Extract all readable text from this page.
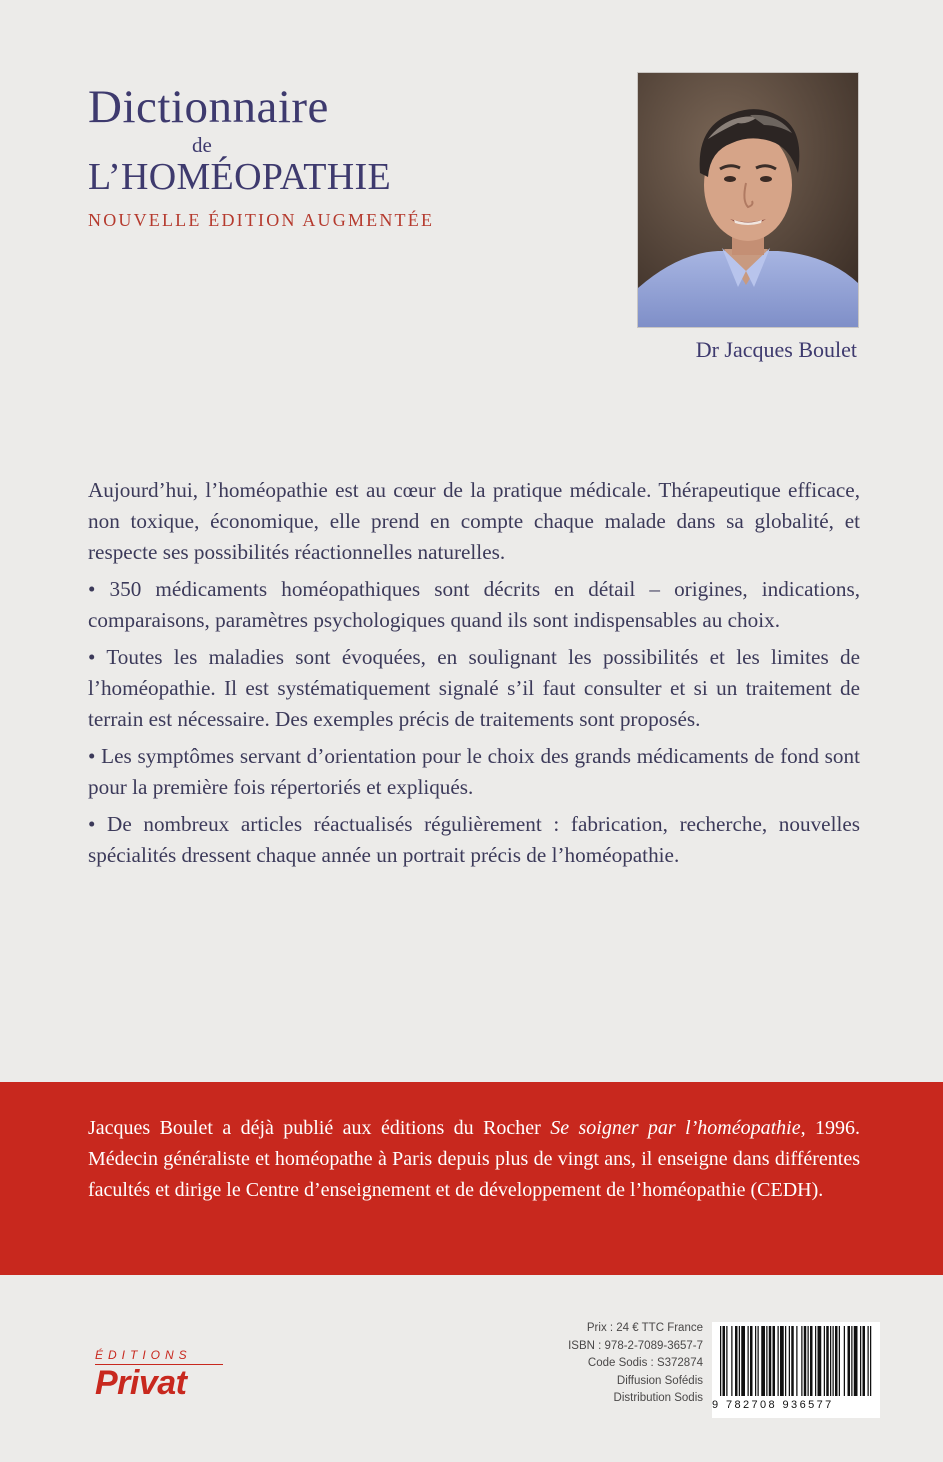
Dictionnaire
de
L’HOMÉOPATHIE
NOUVELLE ÉDITION AUGMENTÉE
Dr Jacques Boulet

Aujourd’hui, l’homéopathie est au cœur de la pratique médicale. Thérapeutique efficace, non toxique, économique, elle prend en compte chaque malade dans sa globalité, et respecte ses possibilités réactionnelles naturelles.

• 350 médicaments homéopathiques sont décrits en détail – origines, indications, comparaisons, paramètres psychologiques quand ils sont indispensables au choix.

• Toutes les maladies sont évoquées, en soulignant les possibilités et les limites de l’homéopathie. Il est systématiquement signalé s’il faut consulter et si un traitement de terrain est nécessaire. Des exemples précis de traitements sont proposés.

• Les symptômes servant d’orientation pour le choix des grands médicaments de fond sont pour la première fois répertoriés et expliqués.

• De nombreux articles réactualisés régulièrement : fabrication, recherche, nouvelles spécialités dressent chaque année un portrait précis de l’homéopathie.

Jacques Boulet a déjà publié aux éditions du Rocher Se soigner par l’homéopathie, 1996. Médecin généraliste et homéopathe à Paris depuis plus de vingt ans, il enseigne dans différentes facultés et dirige le Centre d’enseignement et de développement de l’homéopathie (CEDH).
ÉDITIONS
Privat
Prix : 24 € TTC France
ISBN : 978-2-7089-3657-7
Code Sodis : S372874
Diffusion Sofédis
Distribution Sodis
9 782708 936577
